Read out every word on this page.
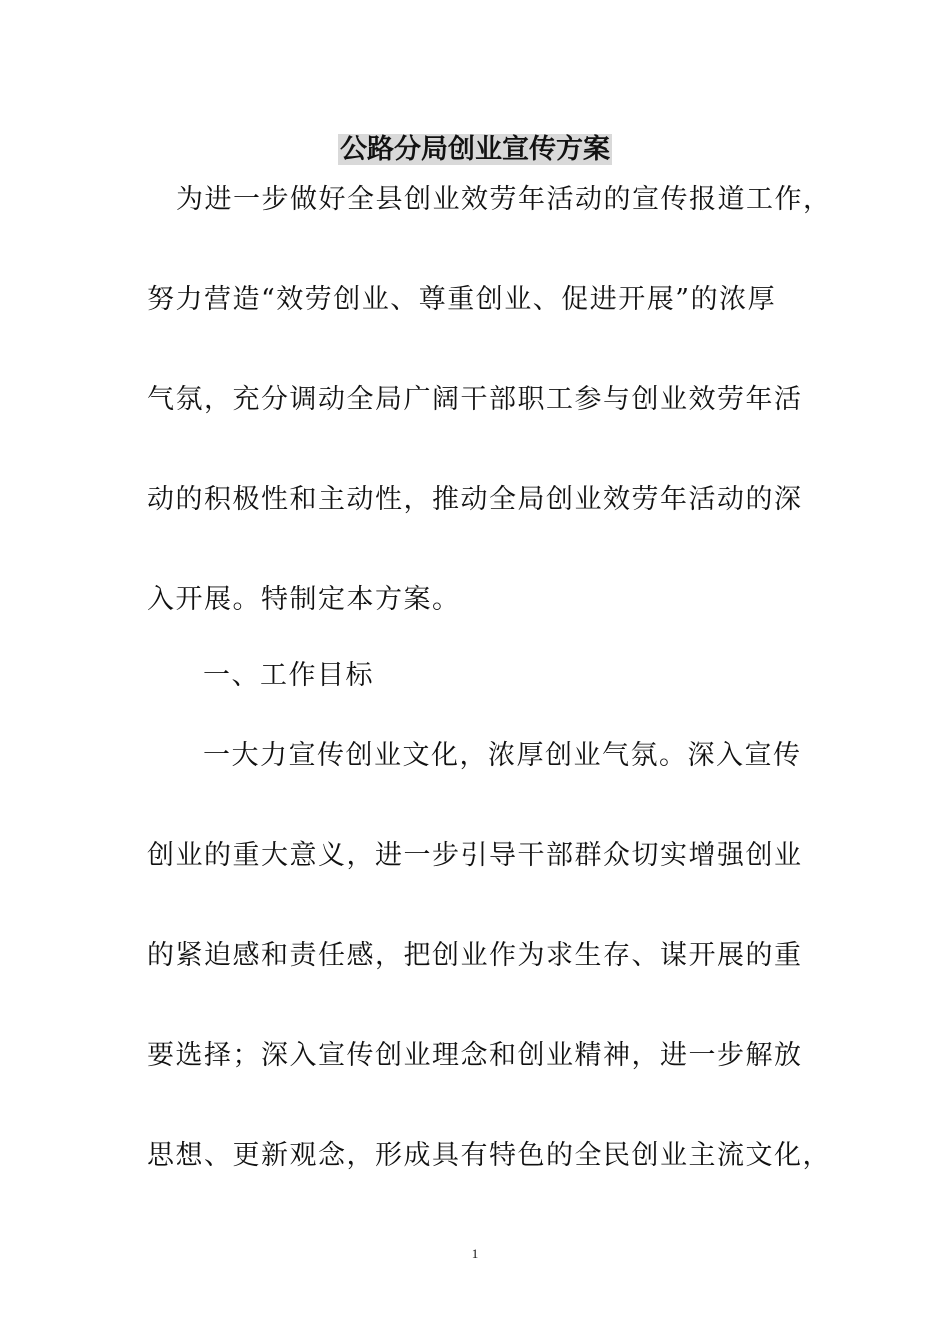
公路分局创业宣传方案
为进一步做好全县创业效劳年活动的宣传报道工作，
努力营造“效劳创业、尊重创业、促进开展”的浓厚
气氛，充分调动全局广阔干部职工参与创业效劳年活
动的积极性和主动性，推动全局创业效劳年活动的深
入开展。特制定本方案。
一、工作目标
一大力宣传创业文化，浓厚创业气氛。深入宣传
创业的重大意义，进一步引导干部群众切实增强创业
的紧迫感和责任感，把创业作为求生存、谋开展的重
要选择；深入宣传创业理念和创业精神，进一步解放
思想、更新观念，形成具有特色的全民创业主流文化，
1
